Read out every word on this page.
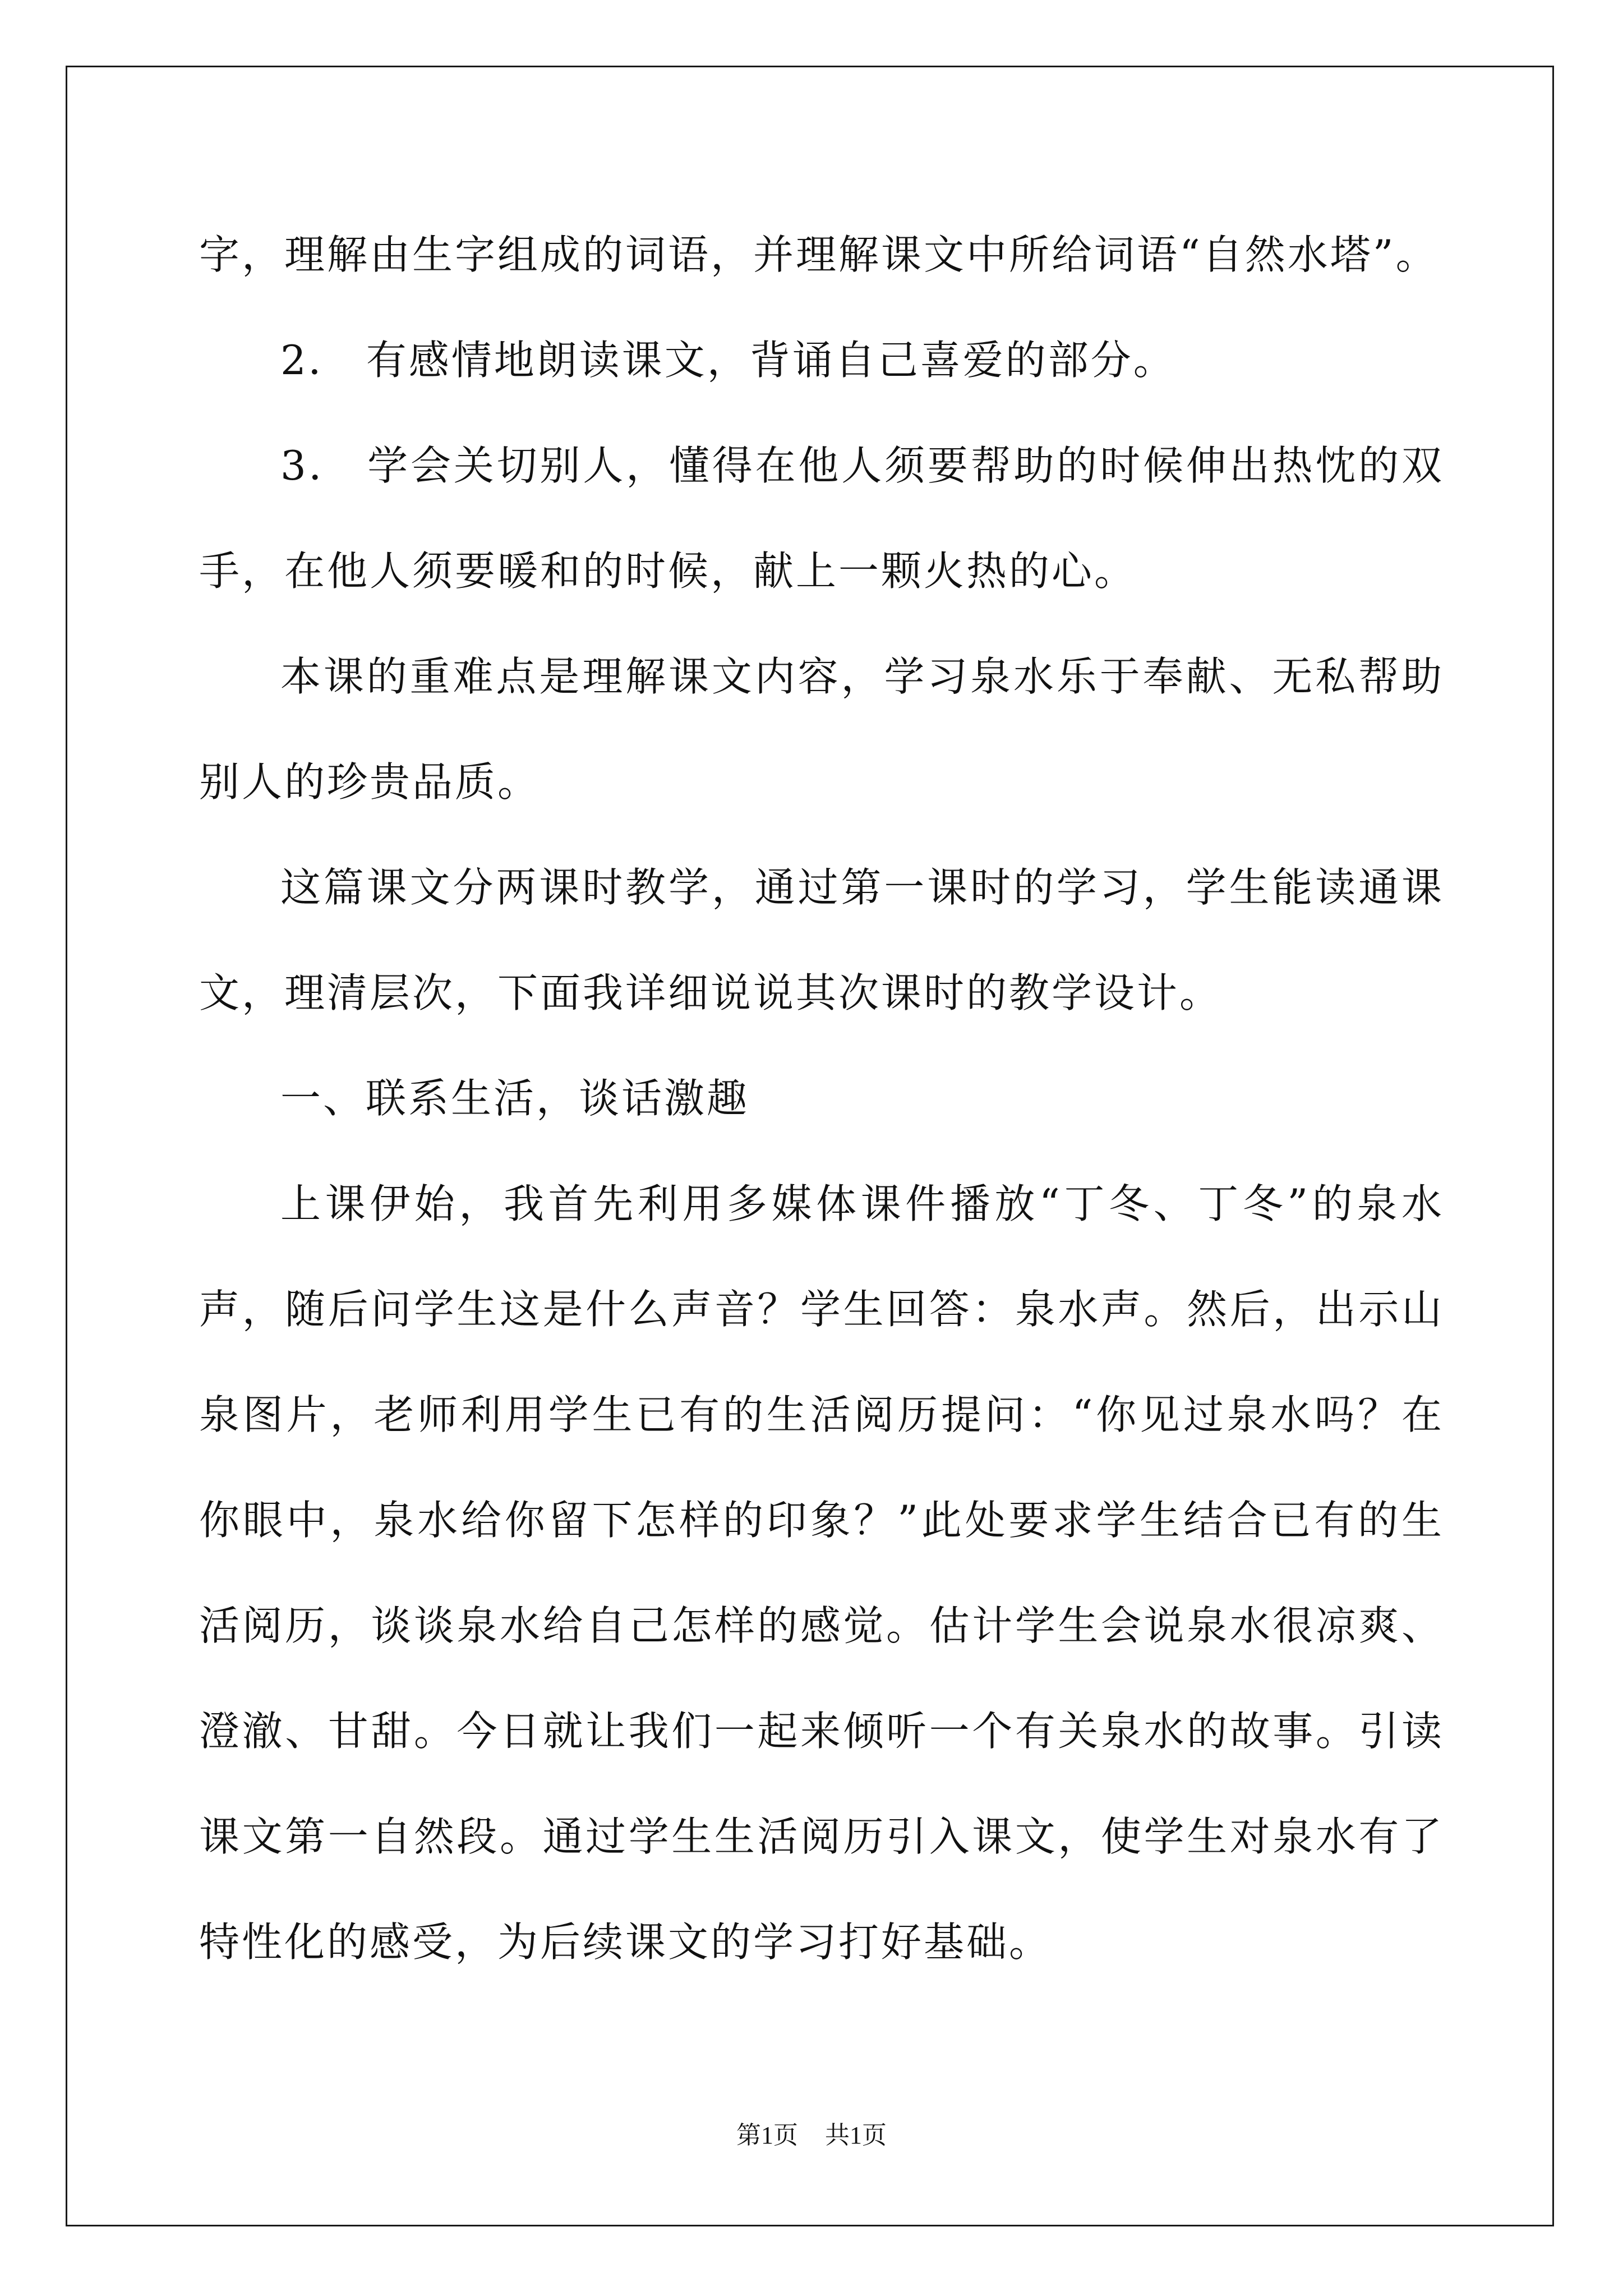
字，理解由生字组成的词语，并理解课文中所给词语“自然水塔”。

2． 有感情地朗读课文，背诵自己喜爱的部分。

3． 学会关切别人，懂得在他人须要帮助的时候伸出热忱的双手，在他人须要暖和的时候，献上一颗火热的心。

本课的重难点是理解课文内容，学习泉水乐于奉献、无私帮助别人的珍贵品质。

这篇课文分两课时教学，通过第一课时的学习，学生能读通课文，理清层次，下面我详细说说其次课时的教学设计。

一、联系生活，谈话激趣

上课伊始，我首先利用多媒体课件播放“丁冬、丁冬”的泉水声，随后问学生这是什么声音？学生回答：泉水声。然后，出示山泉图片，老师利用学生已有的生活阅历提问：“你见过泉水吗？在你眼中，泉水给你留下怎样的印象？”此处要求学生结合已有的生活阅历，谈谈泉水给自己怎样的感觉。估计学生会说泉水很凉爽、澄澈、甘甜。今日就让我们一起来倾听一个有关泉水的故事。引读课文第一自然段。通过学生生活阅历引入课文，使学生对泉水有了特性化的感受，为后续课文的学习打好基础。

第1页 共1页
